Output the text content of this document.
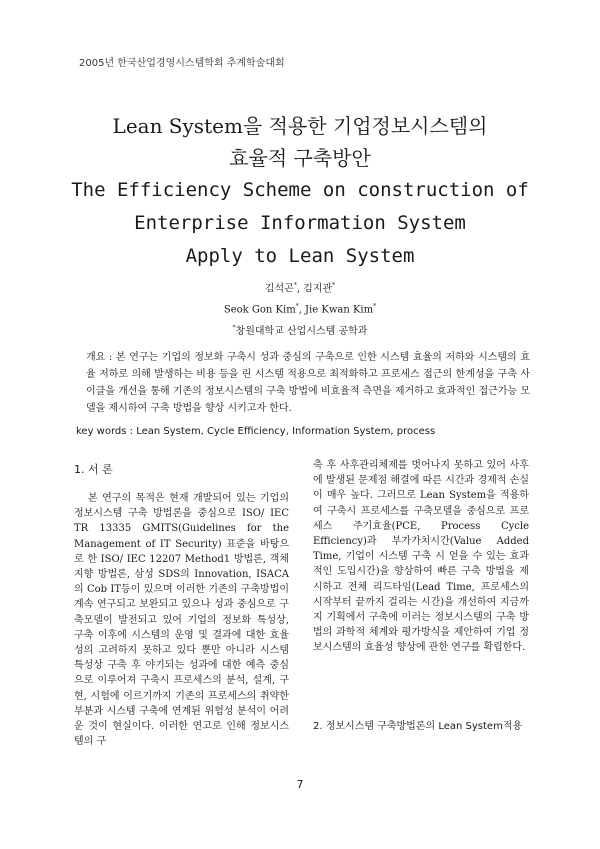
2005년 한국산업경영시스템학회 추계학술대회
Lean System을 적용한 기업정보시스템의
효율적 구축방안
The Efficiency Scheme on construction of
Enterprise Information System
Apply to Lean System
김석곤*, 김지관*
Seok Gon Kim*, Jie Kwan Kim*
*창원대학교 산업시스템 공학과

개요 : 본 연구는 기업의 정보화 구축시 성과 중심의 구축으로 인한 시스템 효율의 저하와 시스템의 효율 저하로 의해 발생하는 비용 등을 린 시스템 적용으로 최적화하고 프로세스 접근의 한계성을 구축 사이클을 개선을 통해 기존의 정보시스템의 구축 방법에 비효율적 측면을 제거하고 효과적인 접근가능 모델을 제시하여 구축 방법을 향상 시키고자 한다.

key words : Lean System, Cycle Efficiency, Information System, process

1. 서 론

본 연구의 목적은 현재 개발되어 있는 기업의 정보시스템 구축 방법론을 중심으로 ISO/ IEC TR 13335 GMITS(Guidelines for the Management of IT Security) 표준을 바탕으로 한 ISO/ IEC 12207 Method1 방법론, 객체지향 방법론, 삼성 SDS의 Innovation, ISACA의 Cob IT등이 있으며 이러한 기존의 구축방법이 계속 연구되고 보완되고 있으나 성과 중심으로 구축모델이 발전되고 있어 기업의 정보화 특성상, 구축 이후에 시스템의 운영 및 결과에 대한 효율성의 고려하지 못하고 있다 뿐만 아니라 시스템 특성상 구축 후 야기되는 성과에 대한 예측 중심으로 이루어져 구축시 프로세스의 분석, 설계, 구현, 시험에 이르기까지 기존의 프로세스의 취약한 부분과 시스템 구축에 연계된 위험성 분석이 어려운 것이 현실이다. 이러한 연고로 인해 정보시스템의 구

축 후 사후관리체제를 벗어나지 못하고 있어 사후에 발생된 문제점 해결에 따른 시간과 경제적 손실이 매우 높다. 그러므로 Lean System을 적용하여 구축시 프로세스를 구축모델을 중심으로 프로세스 주기효율(PCE, Process Cycle Efficiency)과 부가가치시간(Value Added Time, 기업이 시스템 구축 시 얻을 수 있는 효과적인 도입시간)을 향상하여 빠른 구축 방법을 제시하고 전체 리드타임(Lead Time, 프로세스의 시작부터 끝까지 걸리는 시간)을 개선하여 지금까지 기획에서 구축에 이러는 정보시스템의 구축 방법의 과학적 체계와 평가방식을 제안하여 기업 정보시스템의 효율성 향상에 관한 연구를 확립한다.

2. 정보시스템 구축방법론의 Lean System적용
7
